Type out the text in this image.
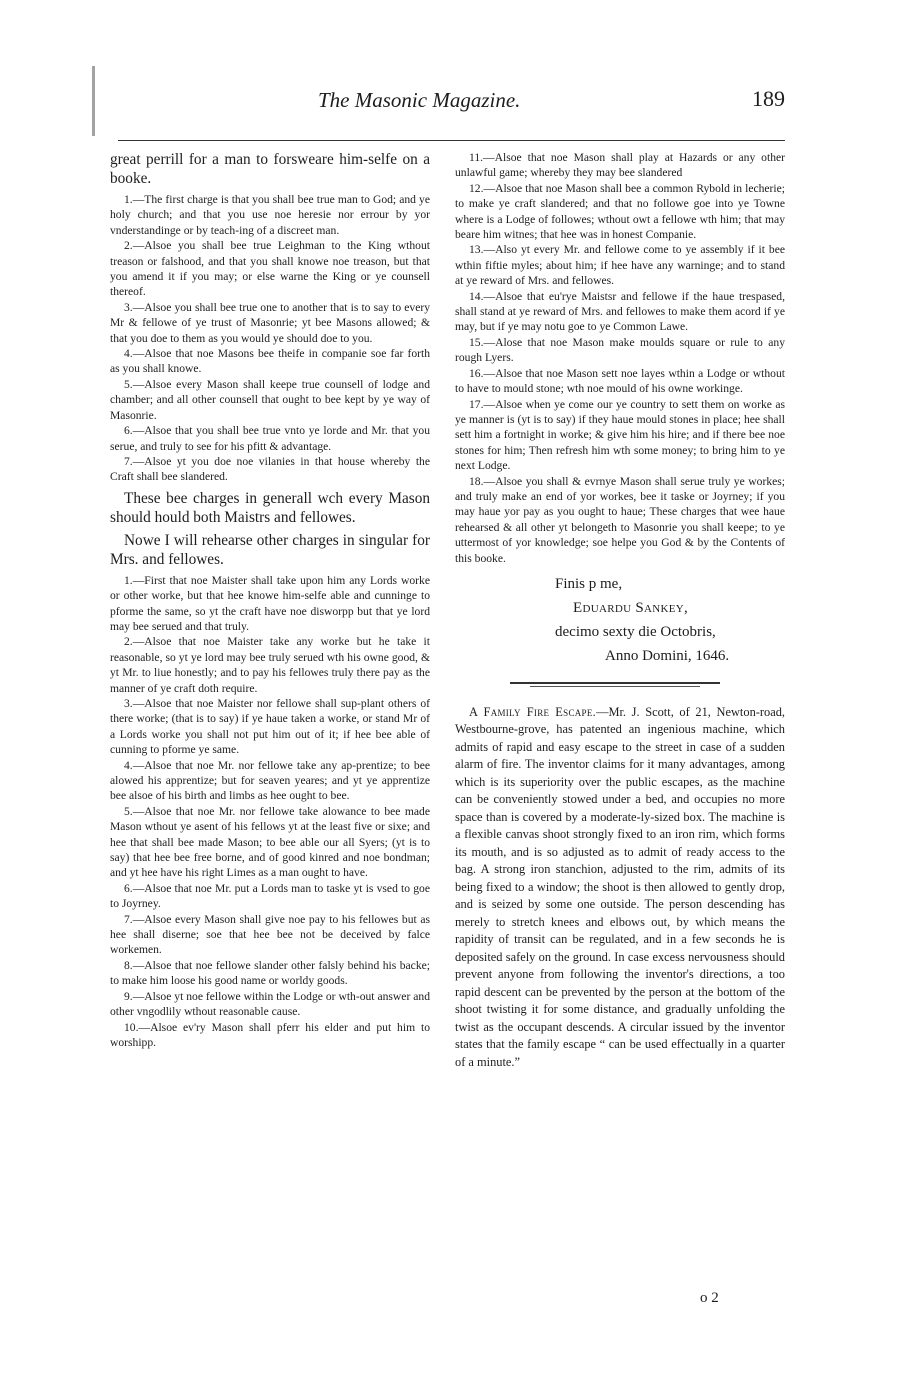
The Masonic Magazine.	189

great perrill for a man to forsweare him-selfe on a booke.

1.—The first charge is that you shall bee true man to God; and ye holy church; and that you use noe heresie nor errour by yor vnderstandinge or by teach-ing of a discreet man.

2.—Alsoe you shall bee true Leighman to the King wthout treason or falshood, and that you shall knowe noe treason, but that you amend it if you may; or else warne the King or ye counsell thereof.

3.—Alsoe you shall bee true one to another that is to say to every Mr & fellowe of ye trust of Masonrie; yt bee Masons allowed; & that you doe to them as you would ye should doe to you.

4.—Alsoe that noe Masons bee theife in companie soe far forth as you shall knowe.

5.—Alsoe every Mason shall keepe true counsell of lodge and chamber; and all other counsell that ought to bee kept by ye way of Masonrie.

6.—Alsoe that you shall bee true vnto ye lorde and Mr. that you serue, and truly to see for his pfitt & advantage.

7.—Alsoe yt you doe noe vilanies in that house whereby the Craft shall bee slandered.

These bee charges in generall wch every Mason should hould both Maistrs and fellowes.

Nowe I will rehearse other charges in singular for Mrs. and fellowes.

1.—First that noe Maister shall take upon him any Lords worke or other worke, but that hee knowe him-selfe able and cunninge to pforme the same, so yt the craft have noe disworpp but that ye lord may bee serued and that truly.

2.—Alsoe that noe Maister take any worke but he take it reasonable, so yt ye lord may bee truly serued wth his owne good, & yt Mr. to liue honestly; and to pay his fellowes truly there pay as the manner of ye craft doth require.

3.—Alsoe that noe Maister nor fellowe shall sup-plant others of there worke; (that is to say) if ye haue taken a worke, or stand Mr of a Lords worke you shall not put him out of it; if hee bee able of cunning to pforme ye same.

4.—Alsoe that noe Mr. nor fellowe take any ap-prentize; to bee alowed his apprentize; but for seaven yeares; and yt ye apprentize bee alsoe of his birth and limbs as hee ought to bee.

5.—Alsoe that noe Mr. nor fellowe take alowance to bee made Mason wthout ye asent of his fellows yt at the least five or sixe; and hee that shall bee made Mason; to bee able our all Syers; (yt is to say) that hee bee free borne, and of good kinred and noe bondman; and yt hee have his right Limes as a man ought to have.

6.—Alsoe that noe Mr. put a Lords man to taske yt is vsed to goe to Joyrney.

7.—Alsoe every Mason shall give noe pay to his fellowes but as hee shall diserne; soe that hee bee not be deceived by falce workemen.

8.—Alsoe that noe fellowe slander other falsly behind his backe; to make him loose his good name or worldy goods.

9.—Alsoe yt noe fellowe within the Lodge or wth-out answer and other vngodlily wthout reasonable cause.

10.—Alsoe ev'ry Mason shall pferr his elder and put him to worshipp.

11.—Alsoe that noe Mason shall play at Hazards or any other unlawful game; whereby they may bee slandered

12.—Alsoe that noe Mason shall bee a common Rybold in lecherie; to make ye craft slandered; and that no followe goe into ye Towne where is a Lodge of followes; wthout owt a fellowe wth him; that may beare him witnes; that hee was in honest Companie.

13.—Also yt every Mr. and fellowe come to ye assembly if it bee wthin fiftie myles; about him; if hee have any warninge; and to stand at ye reward of Mrs. and fellowes.

14.—Alsoe that eu'rye Maistsr and fellowe if the haue trespased, shall stand at ye reward of Mrs. and fellowes to make them acord if ye may, but if ye may notu goe to ye Common Lawe.

15.—Alose that noe Mason make moulds square or rule to any rough Lyers.

16.—Alsoe that noe Mason sett noe layes wthin a Lodge or wthout to have to mould stone; wth noe mould of his owne workinge.

17.—Alsoe when ye come our ye country to sett them on worke as ye manner is (yt is to say) if they haue mould stones in place; hee shall sett him a fortnight in worke; & give him his hire; and if there bee noe stones for him; Then refresh him wth some money; to bring him to ye next Lodge.

18.—Alsoe you shall & evrnye Mason shall serue truly ye workes; and truly make an end of yor workes, bee it taske or Joyrney; if you may haue yor pay as you ought to haue; These charges that wee haue rehearsed & all other yt belongeth to Masonrie you shall keepe; to ye uttermost of yor knowledge; soe helpe you God & by the Contents of this booke.

Finis p me,
Eduardu Sankey,
decimo sexty die Octobris,
Anno Domini, 1646.

A Family Fire Escape.—Mr. J. Scott, of 21, Newton-road, Westbourne-grove, has patented an ingenious machine, which admits of rapid and easy escape to the street in case of a sudden alarm of fire. The inventor claims for it many advantages, among which is its superiority over the public escapes, as the machine can be conveniently stowed under a bed, and occupies no more space than is covered by a moderate-ly-sized box. The machine is a flexible canvas shoot strongly fixed to an iron rim, which forms its mouth, and is so adjusted as to admit of ready access to the bag. A strong iron stanchion, adjusted to the rim, admits of its being fixed to a window; the shoot is then allowed to gently drop, and is seized by some one outside. The person descending has merely to stretch knees and elbows out, by which means the rapidity of transit can be regulated, and in a few seconds he is deposited safely on the ground. In case excess nervousness should prevent anyone from following the inventor's directions, a too rapid descent can be prevented by the person at the bottom of the shoot twisting it for some distance, and gradually unfolding the twist as the occupant descends. A circular issued by the inventor states that the family escape “ can be used effectually in a quarter of a minute.”

o 2
